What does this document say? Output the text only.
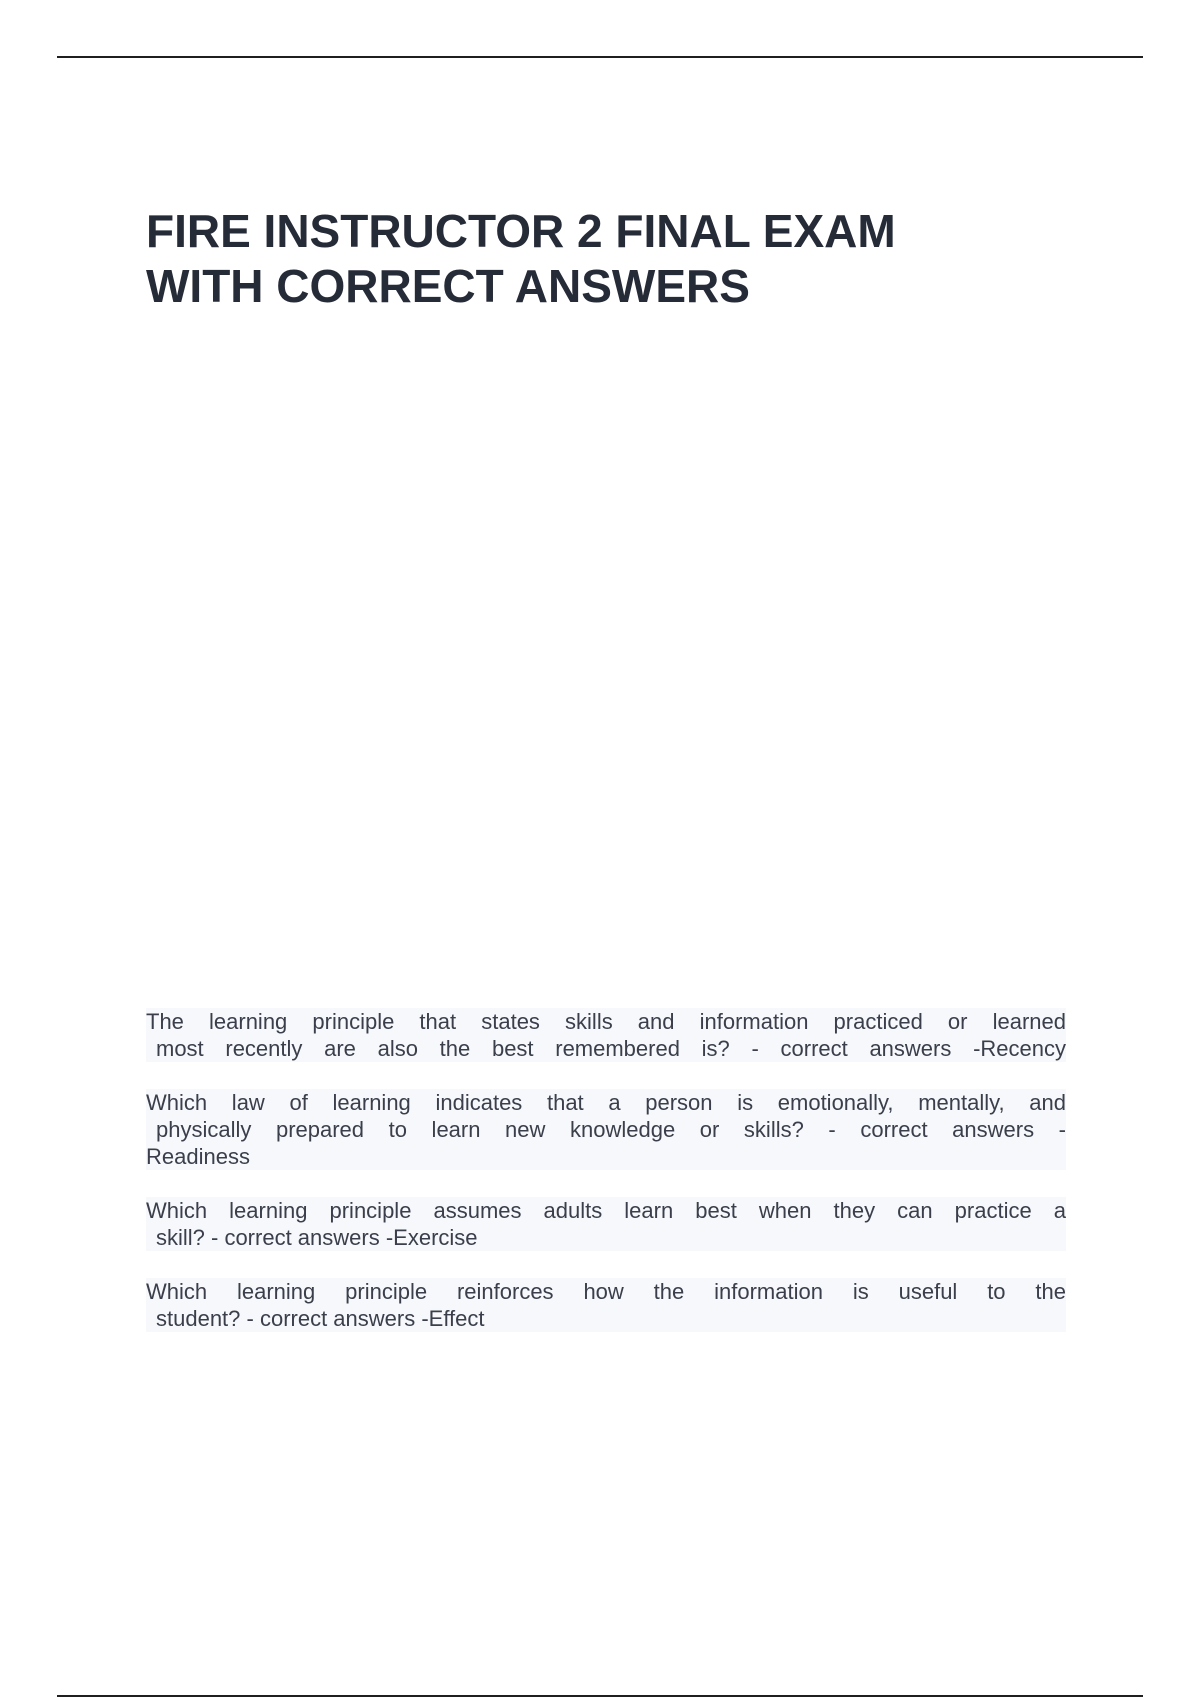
FIRE INSTRUCTOR 2 FINAL EXAM
WITH CORRECT ANSWERS

The learning principle that states skills and information practiced or learned
most recently are also the best remembered is? - correct answers -Recency

Which law of learning indicates that a person is emotionally, mentally, and
physically prepared to learn new knowledge or skills? - correct answers -
Readiness

Which learning principle assumes adults learn best when they can practice a
skill? - correct answers -Exercise

Which learning principle reinforces how the information is useful to the
student? - correct answers -Effect
